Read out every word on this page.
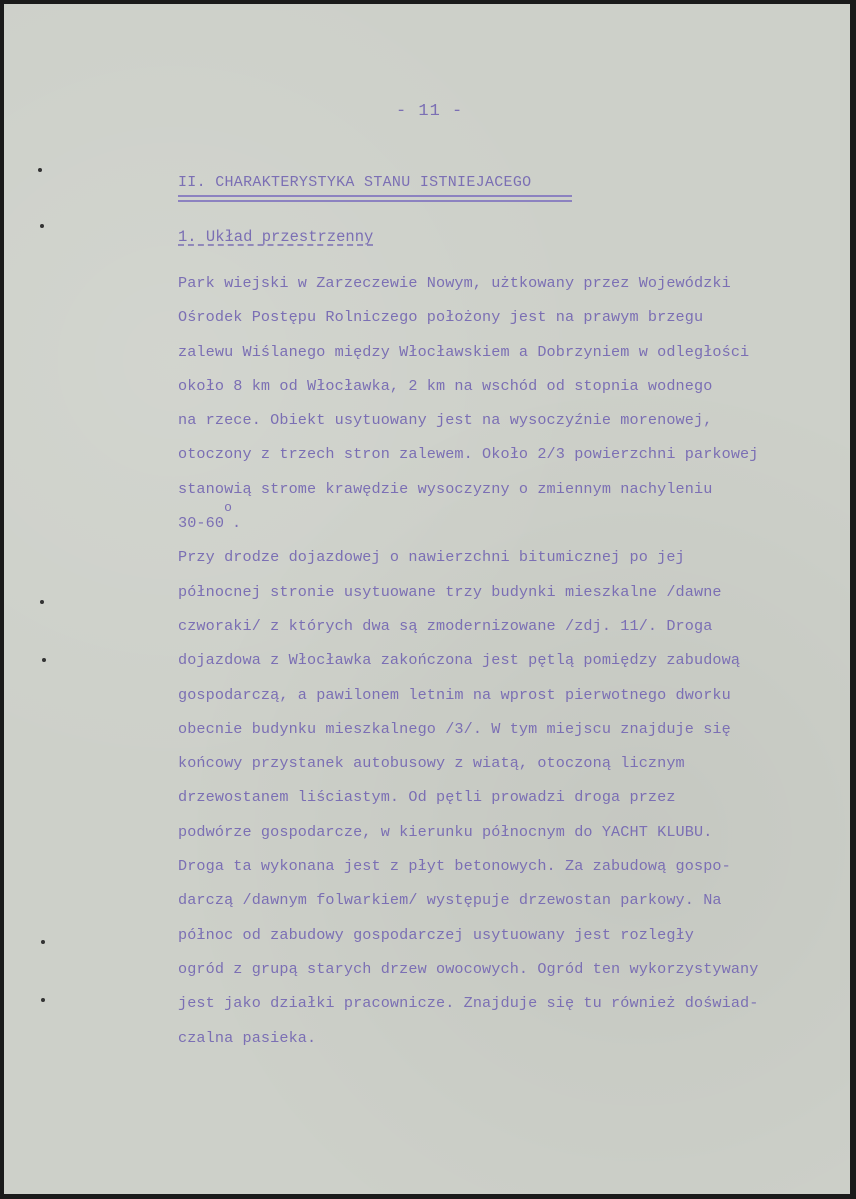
- 11 -
II. CHARAKTERYSTYKA STANU ISTNIEJACEGO
1. Układ przestrzenny
Park wiejski w Zarzeczewie Nowym, użtkowany przez Wojewódzki
Ośrodek Postępu Rolniczego położony jest na prawym brzegu
zalewu Wiślanego między Włocławskiem a Dobrzyniem w odległości
około 8 km od Włocławka, 2 km na wschód od stopnia wodnego
na rzece. Obiekt usytuowany jest na wysoczyźnie morenowej,
otoczony z trzech stron zalewem. Około 2/3 powierzchni parkowej
stanowią strome krawędzie wysoczyzny o zmiennym nachyleniu
30-60o.
Przy drodze dojazdowej o nawierzchni bitumicznej po jej
północnej stronie usytuowane trzy budynki mieszkalne /dawne
czworaki/ z których dwa są zmodernizowane /zdj. 11/. Droga
dojazdowa z Włocławka zakończona jest pętlą pomiędzy zabudową
gospodarczą, a pawilonem letnim na wprost pierwotnego dworku
obecnie budynku mieszkalnego /3/. W tym miejscu znajduje się
końcowy przystanek autobusowy z wiatą, otoczoną licznym
drzewostanem liściastym. Od pętli prowadzi droga przez
podwórze gospodarcze, w kierunku północnym do YACHT KLUBU.
Droga ta wykonana jest z płyt betonowych. Za zabudową gospo-
darczą /dawnym folwarkiem/ występuje drzewostan parkowy. Na
północ od zabudowy gospodarczej usytuowany jest rozległy
ogród z grupą starych drzew owocowych. Ogród ten wykorzystywany
jest jako działki pracownicze. Znajduje się tu również doświad-
czalna pasieka.
